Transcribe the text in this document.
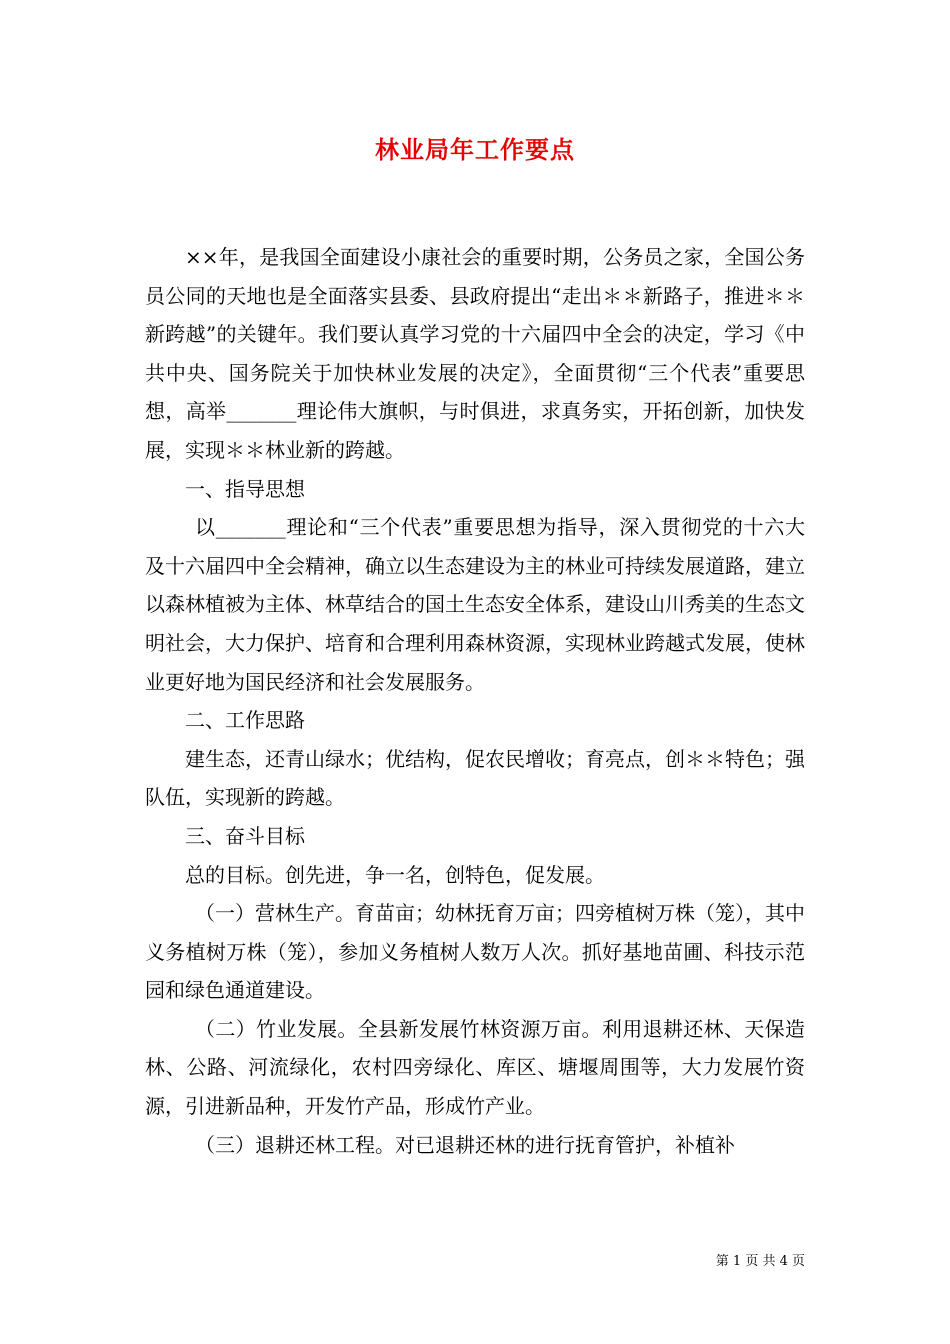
林业局年工作要点

××年，是我国全面建设小康社会的重要时期，公务员之家，全国公务员公同的天地也是全面落实县委、县政府提出“走出＊＊新路子，推进＊＊新跨越”的关键年。我们要认真学习党的十六届四中全会的决定，学习《中共中央、国务院关于加快林业发展的决定》，全面贯彻“三个代表”重要思想，高举_______理论伟大旗帜，与时俱进，求真务实，开拓创新，加快发展，实现＊＊林业新的跨越。

一、指导思想

以_______理论和“三个代表”重要思想为指导，深入贯彻党的十六大及十六届四中全会精神，确立以生态建设为主的林业可持续发展道路，建立以森林植被为主体、林草结合的国土生态安全体系，建设山川秀美的生态文明社会，大力保护、培育和合理利用森林资源，实现林业跨越式发展，使林业更好地为国民经济和社会发展服务。

二、工作思路

建生态，还青山绿水；优结构，促农民增收；育亮点，创＊＊特色；强队伍，实现新的跨越。

三、奋斗目标

总的目标。创先进，争一名，创特色，促发展。

（一）营林生产。育苗亩；幼林抚育万亩；四旁植树万株（笼），其中义务植树万株（笼），参加义务植树人数万人次。抓好基地苗圃、科技示范园和绿色通道建设。

（二）竹业发展。全县新发展竹林资源万亩。利用退耕还林、天保造林、公路、河流绿化，农村四旁绿化、库区、塘堰周围等，大力发展竹资源，引进新品种，开发竹产品，形成竹产业。

（三）退耕还林工程。对已退耕还林的进行抚育管护，补植补

第 1 页 共 4 页
